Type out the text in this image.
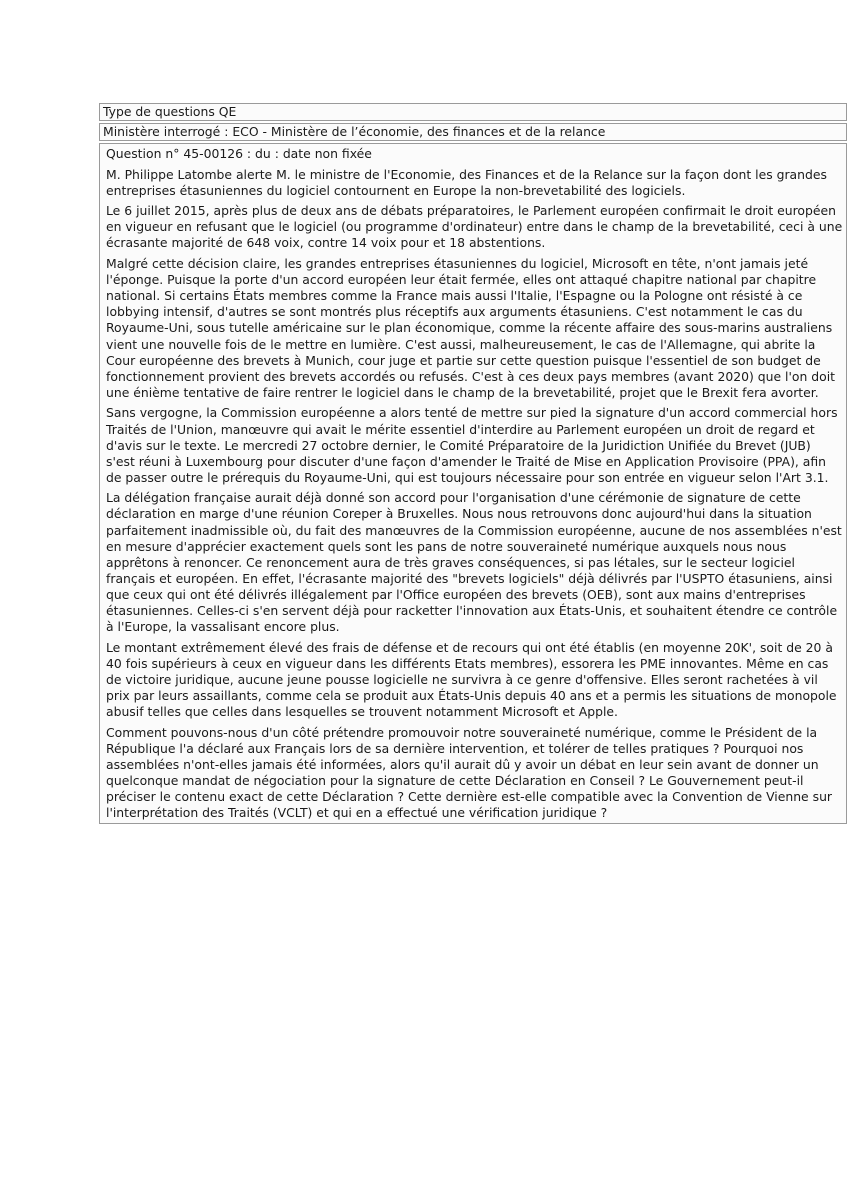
Type de questions QE
Ministère interrogé : ECO - Ministère de l’économie, des finances et de la relance

Question n° 45-00126 : du : date non fixée

M. Philippe Latombe alerte M. le ministre de l'Economie, des Finances et de la Relance sur la façon dont les grandes entreprises étasuniennes du logiciel contournent en Europe la non-brevetabilité des logiciels.

Le 6 juillet 2015, après plus de deux ans de débats préparatoires, le Parlement européen confirmait le droit européen en vigueur en refusant que le logiciel (ou programme d'ordinateur) entre dans le champ de la brevetabilité, ceci à une écrasante majorité de 648 voix, contre 14 voix pour et 18 abstentions.

Malgré cette décision claire, les grandes entreprises étasuniennes du logiciel, Microsoft en tête, n'ont jamais jeté l'éponge. Puisque la porte d'un accord européen leur était fermée, elles ont attaqué chapitre national par chapitre national. Si certains États membres comme la France mais aussi l'Italie, l'Espagne ou la Pologne ont résisté à ce lobbying intensif, d'autres se sont montrés plus réceptifs aux arguments étasuniens. C'est notamment le cas du Royaume-Uni, sous tutelle américaine sur le plan économique, comme la récente affaire des sous-marins australiens vient une nouvelle fois de le mettre en lumière. C'est aussi, malheureusement, le cas de l'Allemagne, qui abrite la Cour européenne des brevets à Munich, cour juge et partie sur cette question puisque l'essentiel de son budget de fonctionnement provient des brevets accordés ou refusés. C'est à ces deux pays membres (avant 2020) que l'on doit une énième tentative de faire rentrer le logiciel dans le champ de la brevetabilité, projet que le Brexit fera avorter.

Sans vergogne, la Commission européenne a alors tenté de mettre sur pied la signature d'un accord commercial hors Traités de l'Union, manœuvre qui avait le mérite essentiel d'interdire au Parlement européen un droit de regard et d'avis sur le texte. Le mercredi 27 octobre dernier, le Comité Préparatoire de la Juridiction Unifiée du Brevet (JUB) s'est réuni à Luxembourg pour discuter d'une façon d'amender le Traité de Mise en Application Provisoire (PPA), afin de passer outre le prérequis du Royaume-Uni, qui est toujours nécessaire pour son entrée en vigueur selon l'Art 3.1.

La délégation française aurait déjà donné son accord pour l'organisation d'une cérémonie de signature de cette déclaration en marge d'une réunion Coreper à Bruxelles. Nous nous retrouvons donc aujourd'hui dans la situation parfaitement inadmissible où, du fait des manœuvres de la Commission européenne, aucune de nos assemblées n'est en mesure d'apprécier exactement quels sont les pans de notre souveraineté numérique auxquels nous nous apprêtons à renoncer. Ce renoncement aura de très graves conséquences, si pas létales, sur le secteur logiciel français et européen. En effet, l'écrasante majorité des "brevets logiciels" déjà délivrés par l'USPTO étasuniens, ainsi que ceux qui ont été délivrés illégalement par l'Office européen des brevets (OEB), sont aux mains d'entreprises étasuniennes. Celles-ci s'en servent déjà pour racketter l'innovation aux États-Unis, et souhaitent étendre ce contrôle à l'Europe, la vassalisant encore plus.

Le montant extrêmement élevé des frais de défense et de recours qui ont été établis (en moyenne 20K', soit de 20 à 40 fois supérieurs à ceux en vigueur dans les différents Etats membres), essorera les PME innovantes. Même en cas de victoire juridique, aucune jeune pousse logicielle ne survivra à ce genre d'offensive. Elles seront rachetées à vil prix par leurs assaillants, comme cela se produit aux États-Unis depuis 40 ans et a permis les situations de monopole abusif telles que celles dans lesquelles se trouvent notamment Microsoft et Apple.

Comment pouvons-nous d'un côté prétendre promouvoir notre souveraineté numérique, comme le Président de la République l'a déclaré aux Français lors de sa dernière intervention, et tolérer de telles pratiques ? Pourquoi nos assemblées n'ont-elles jamais été informées, alors qu'il aurait dû y avoir un débat en leur sein avant de donner un quelconque mandat de négociation pour la signature de cette Déclaration en Conseil ? Le Gouvernement peut-il préciser le contenu exact de cette Déclaration ? Cette dernière est-elle compatible avec la Convention de Vienne sur l'interprétation des Traités (VCLT) et qui en a effectué une vérification juridique ?
